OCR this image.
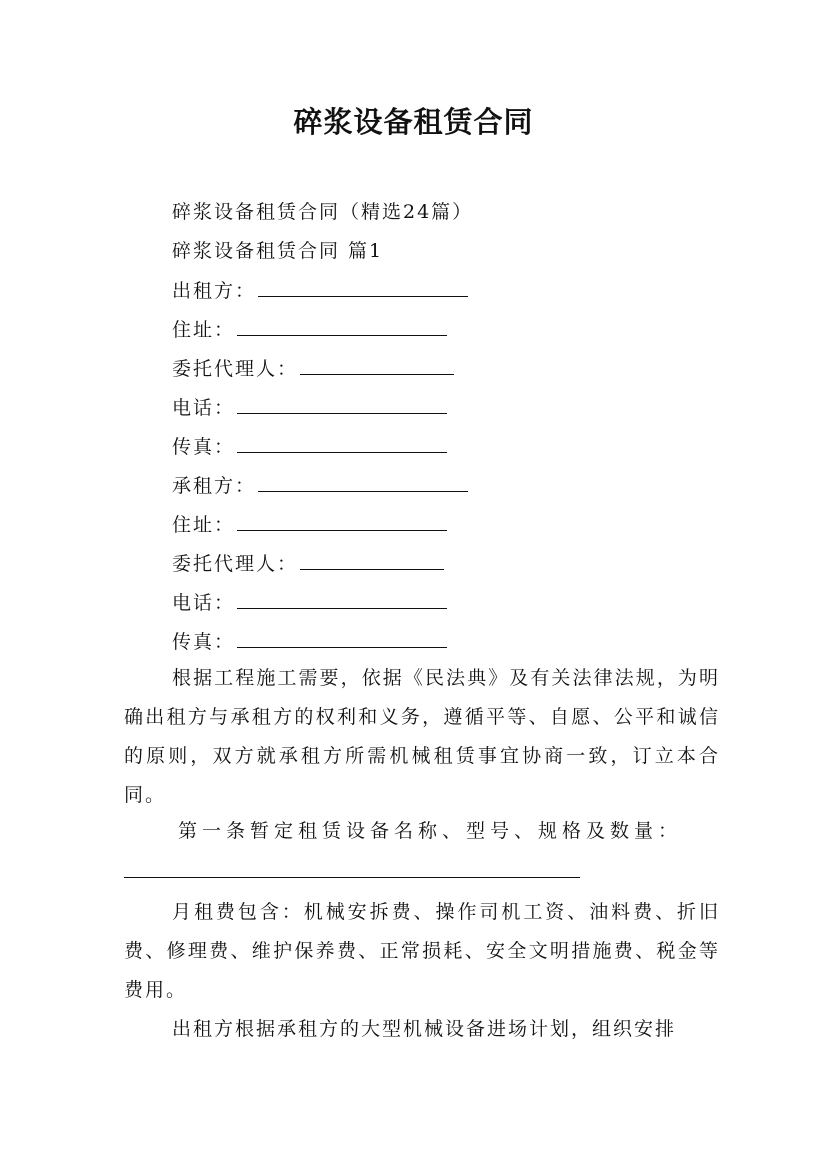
碎浆设备租赁合同
碎浆设备租赁合同（精选24篇）
碎浆设备租赁合同 篇1
出租方：
住址：
委托代理人：
电话：
传真：
承租方：
住址：
委托代理人：
电话：
传真：
根据工程施工需要，依据《民法典》及有关法律法规，为明确出租方与承租方的权利和义务，遵循平等、自愿、公平和诚信的原则，双方就承租方所需机械租赁事宜协商一致，订立本合同。
第一条暂定租赁设备名称、型号、规格及数量：
月租费包含：机械安拆费、操作司机工资、油料费、折旧费、修理费、维护保养费、正常损耗、安全文明措施费、税金等费用。
出租方根据承租方的大型机械设备进场计划，组织安排
